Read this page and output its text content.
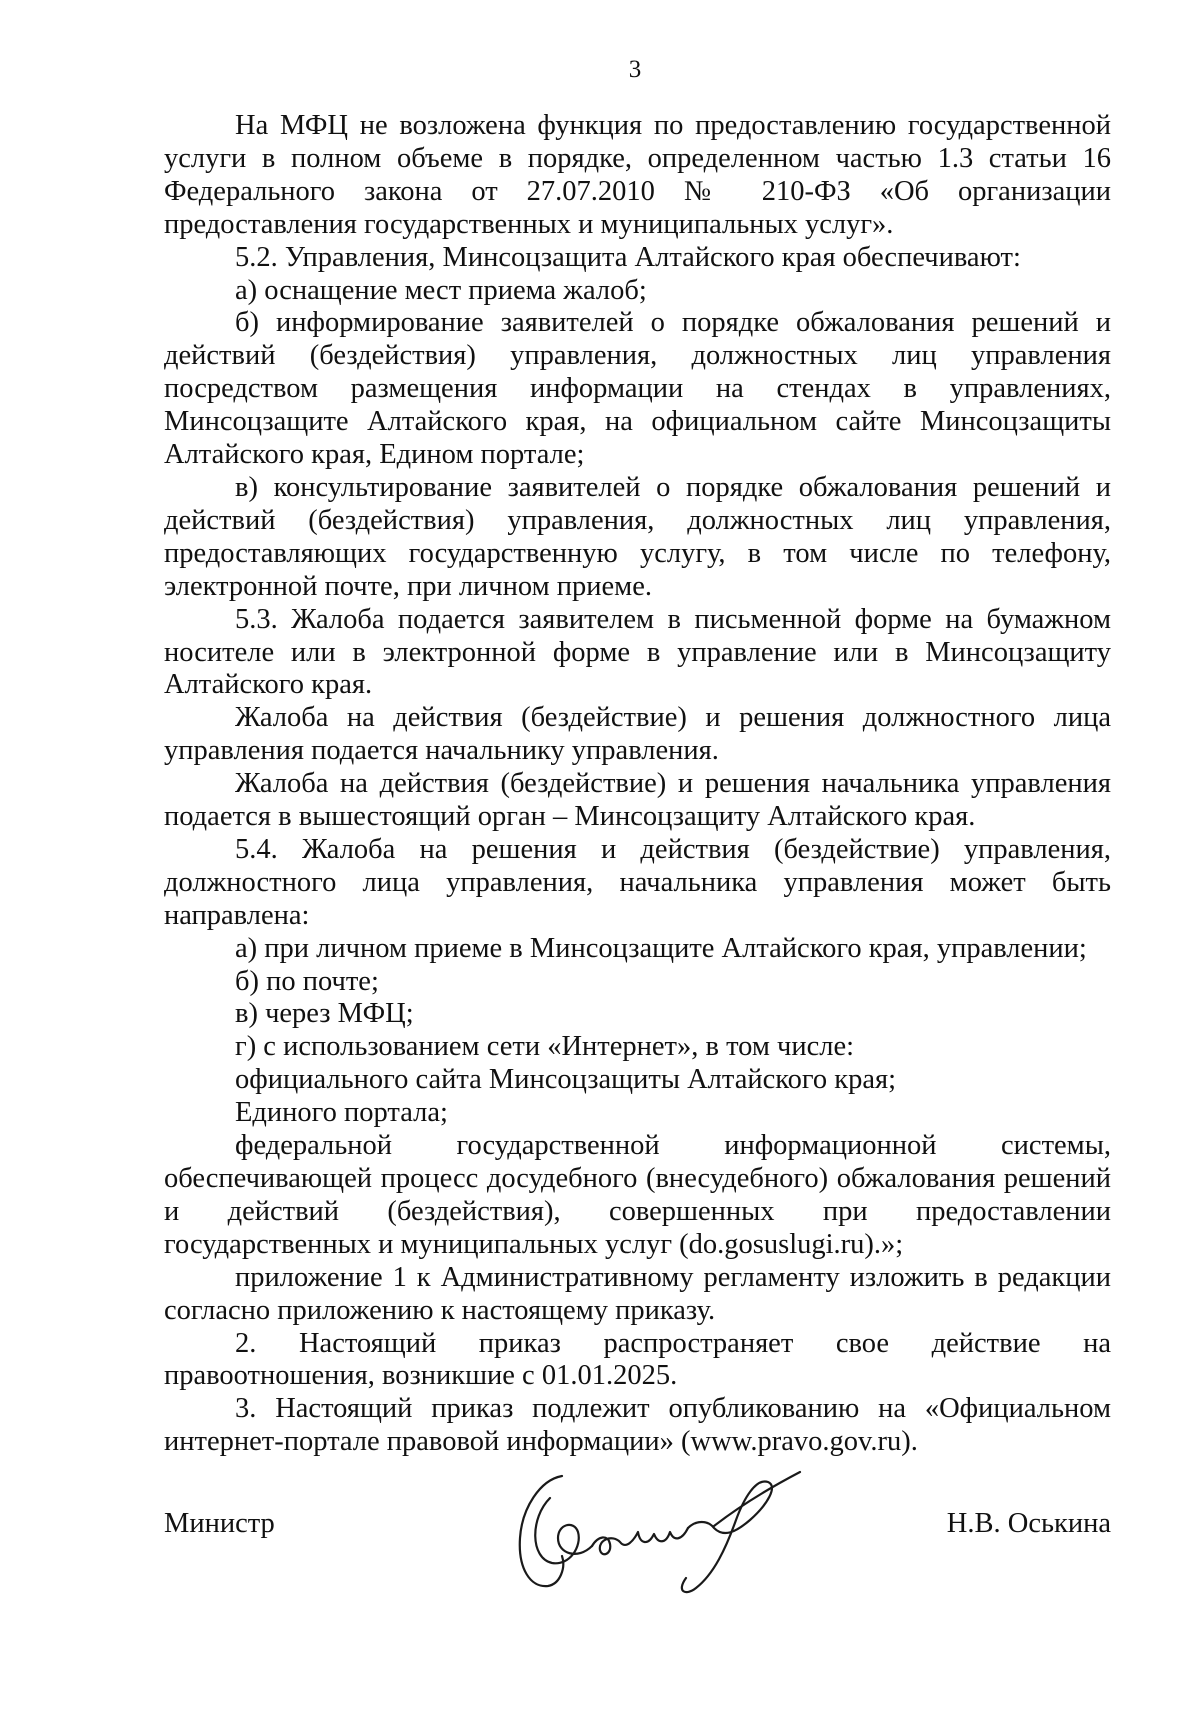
3

На МФЦ не возложена функция по предоставлению государственной услуги в полном объеме в порядке, определенном частью 1.3 статьи 16 Федерального закона от 27.07.2010 № 210-ФЗ «Об организации предоставления государственных и муниципальных услуг».

5.2. Управления, Минсоцзащита Алтайского края обеспечивают:

а) оснащение мест приема жалоб;

б) информирование заявителей о порядке обжалования решений и действий (бездействия) управления, должностных лиц управления посредством размещения информации на стендах в управлениях, Минсоцзащите Алтайского края, на официальном сайте Минсоцзащиты Алтайского края, Едином портале;

в) консультирование заявителей о порядке обжалования решений и действий (бездействия) управления, должностных лиц управления, предоставляющих государственную услугу, в том числе по телефону, электронной почте, при личном приеме.

5.3. Жалоба подается заявителем в письменной форме на бумажном носителе или в электронной форме в управление или в Минсоцзащиту Алтайского края.

Жалоба на действия (бездействие) и решения должностного лица управления подается начальнику управления.

Жалоба на действия (бездействие) и решения начальника управления подается в вышестоящий орган – Минсоцзащиту Алтайского края.

5.4. Жалоба на решения и действия (бездействие) управления, должностного лица управления, начальника управления может быть направлена:

а) при личном приеме в Минсоцзащите Алтайского края, управлении;

б) по почте;

в) через МФЦ;

г) с использованием сети «Интернет», в том числе:

официального сайта Минсоцзащиты Алтайского края;

Единого портала;

федеральной государственной информационной системы, обеспечивающей процесс досудебного (внесудебного) обжалования решений и действий (бездействия), совершенных при предоставлении государственных и муниципальных услуг (do.gosuslugi.ru).»;

приложение 1 к Административному регламенту изложить в редакции согласно приложению к настоящему приказу.

2. Настоящий приказ распространяет свое действие на правоотношения, возникшие с 01.01.2025.

3. Настоящий приказ подлежит опубликованию на «Официальном интернет-портале правовой информации» (www.pravo.gov.ru).

Министр	Н.В. Оськина
